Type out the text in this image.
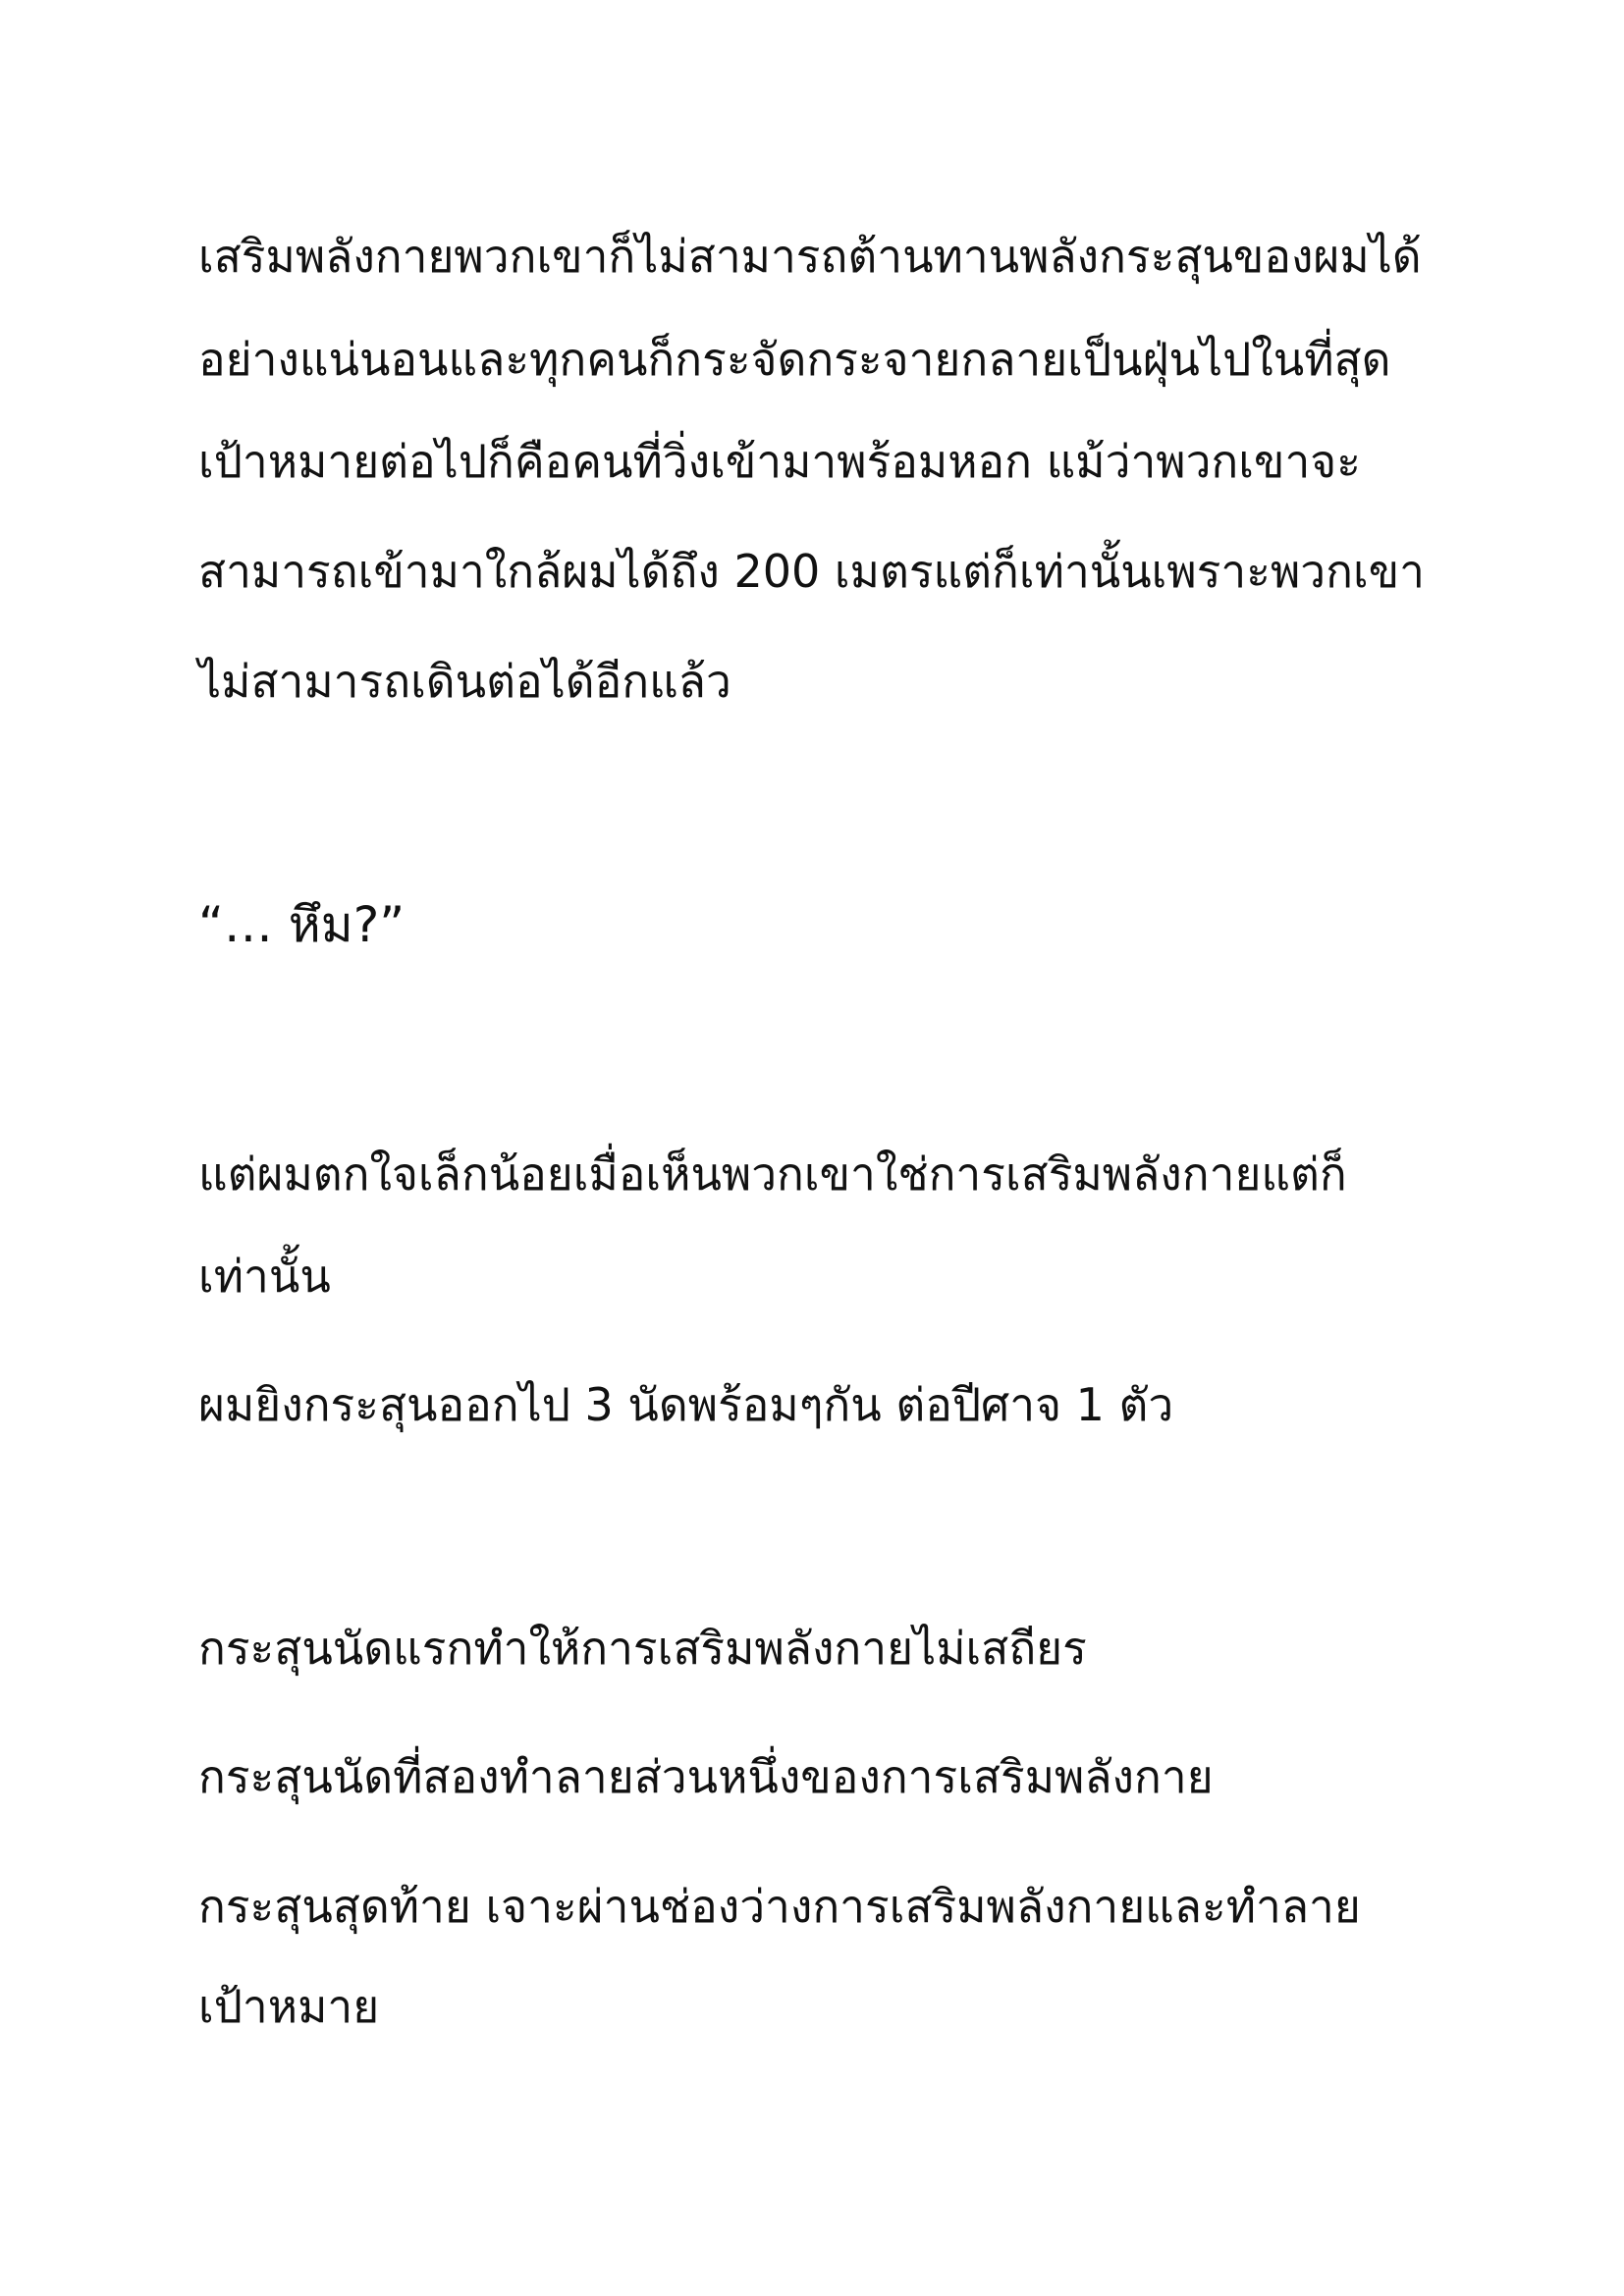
เสริมพลังกายพวกเขาก็ไม่สามารถต้านทานพลังกระสุนของผมได้
อย่างแน่นอนและทุกคนก็กระจัดกระจายกลายเป็นฝุ่นไปในที่สุด
เป้าหมายต่อไปก็คือคนที่วิ่งเข้ามาพร้อมหอก แม้ว่าพวกเขาจะ
สามารถเข้ามาใกล้ผมได้ถึง 200 เมตรแต่ก็เท่านั้นเพราะพวกเขา
ไม่สามารถเดินต่อได้อีกแล้ว
“… หึม?”
แต่ผมตกใจเล็กน้อยเมื่อเห็นพวกเขาใช่การเสริมพลังกายแต่ก็
เท่านั้น
ผมยิงกระสุนออกไป 3 นัดพร้อมๆกัน ต่อปีศาจ 1 ตัว
กระสุนนัดแรกทำให้การเสริมพลังกายไม่เสถียร
กระสุนนัดที่สองทำลายส่วนหนึ่งของการเสริมพลังกาย
กระสุนสุดท้าย เจาะผ่านช่องว่างการเสริมพลังกายและทำลาย
เป้าหมาย
